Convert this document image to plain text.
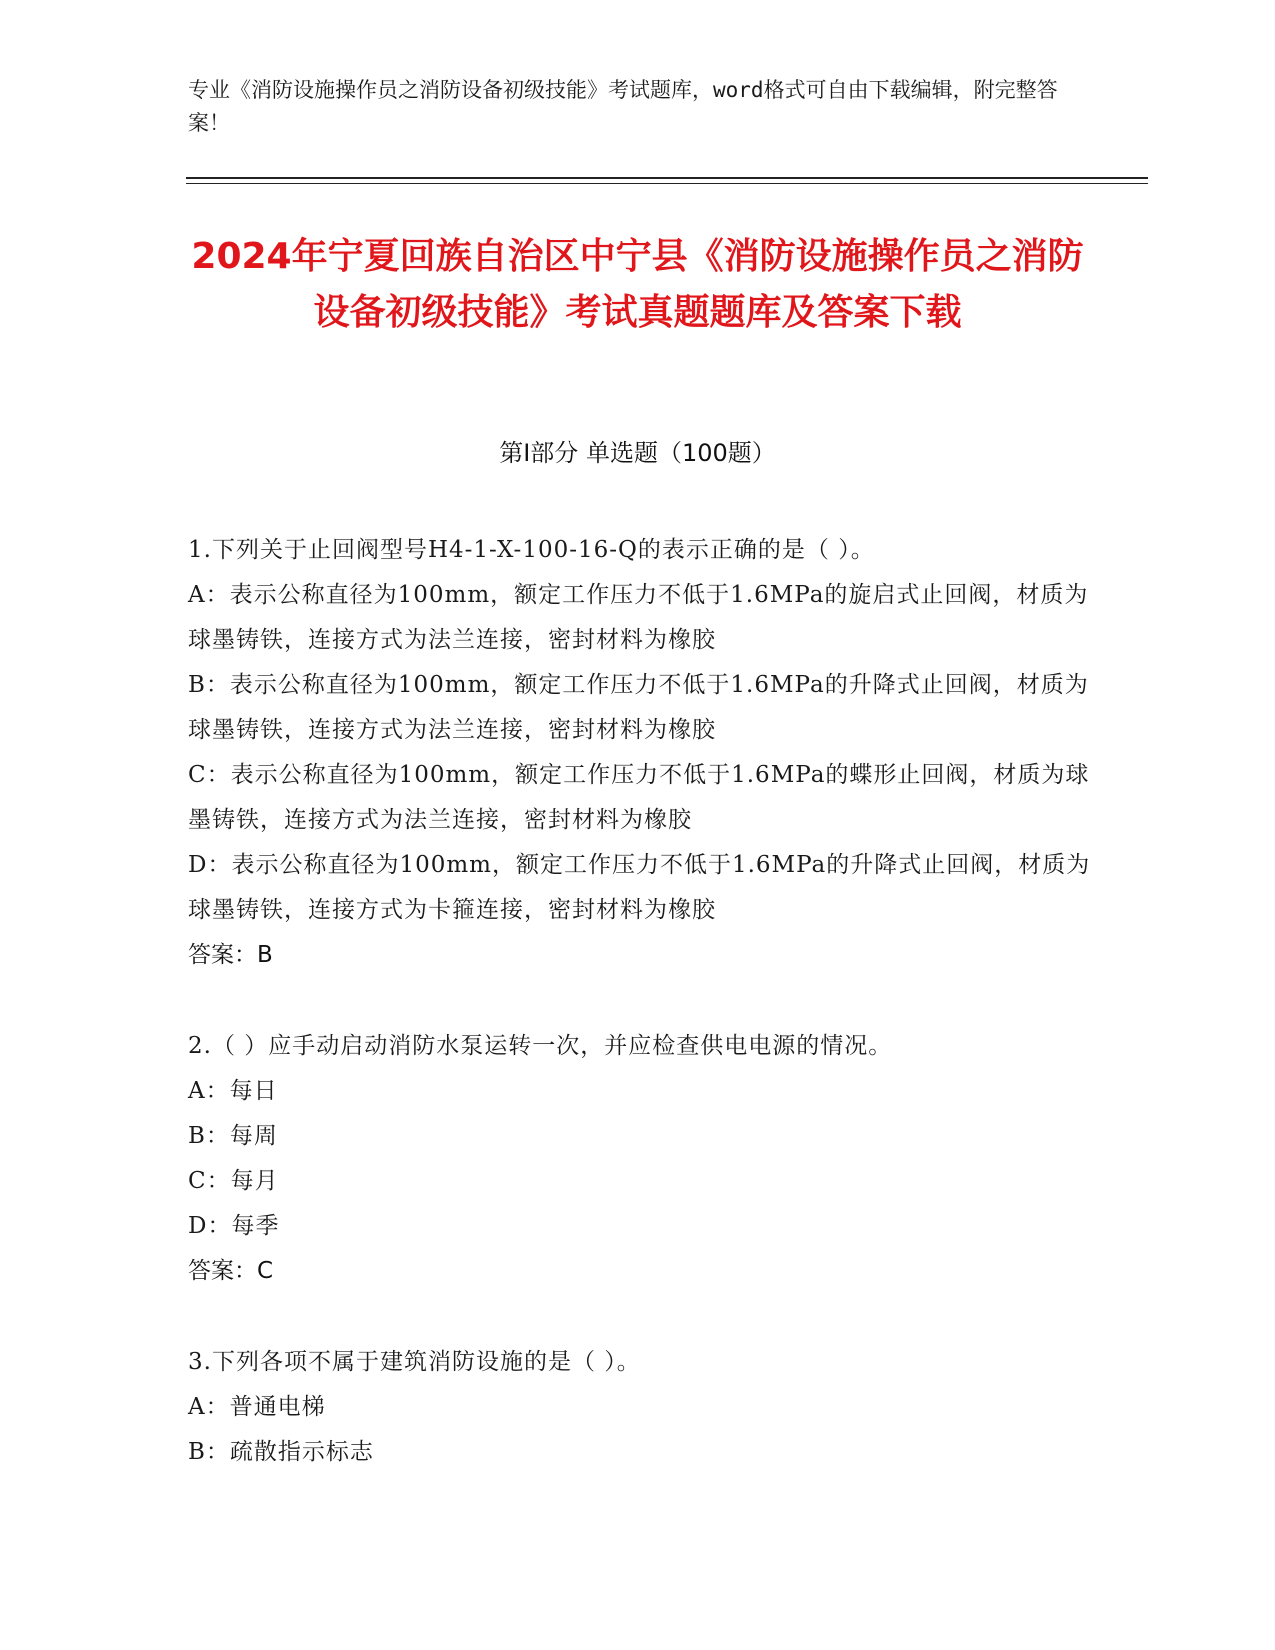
专业《消防设施操作员之消防设备初级技能》考试题库，word格式可自由下载编辑，附完整答案！
2024年宁夏回族自治区中宁县《消防设施操作员之消防设备初级技能》考试真题题库及答案下载
第I部分 单选题（100题）
1.下列关于止回阀型号H4-1-X-100-16-Q的表示正确的是（ ）。
A：表示公称直径为100mm，额定工作压力不低于1.6MPa的旋启式止回阀，材质为球墨铸铁，连接方式为法兰连接，密封材料为橡胶
B：表示公称直径为100mm，额定工作压力不低于1.6MPa的升降式止回阀，材质为球墨铸铁，连接方式为法兰连接，密封材料为橡胶
C：表示公称直径为100mm，额定工作压力不低于1.6MPa的蝶形止回阀，材质为球墨铸铁，连接方式为法兰连接，密封材料为橡胶
D：表示公称直径为100mm，额定工作压力不低于1.6MPa的升降式止回阀，材质为球墨铸铁，连接方式为卡箍连接，密封材料为橡胶
答案：B
2.（ ）应手动启动消防水泵运转一次，并应检查供电电源的情况。
A：每日
B：每周
C：每月
D：每季
答案：C
3.下列各项不属于建筑消防设施的是（ ）。
A：普通电梯
B：疏散指示标志
